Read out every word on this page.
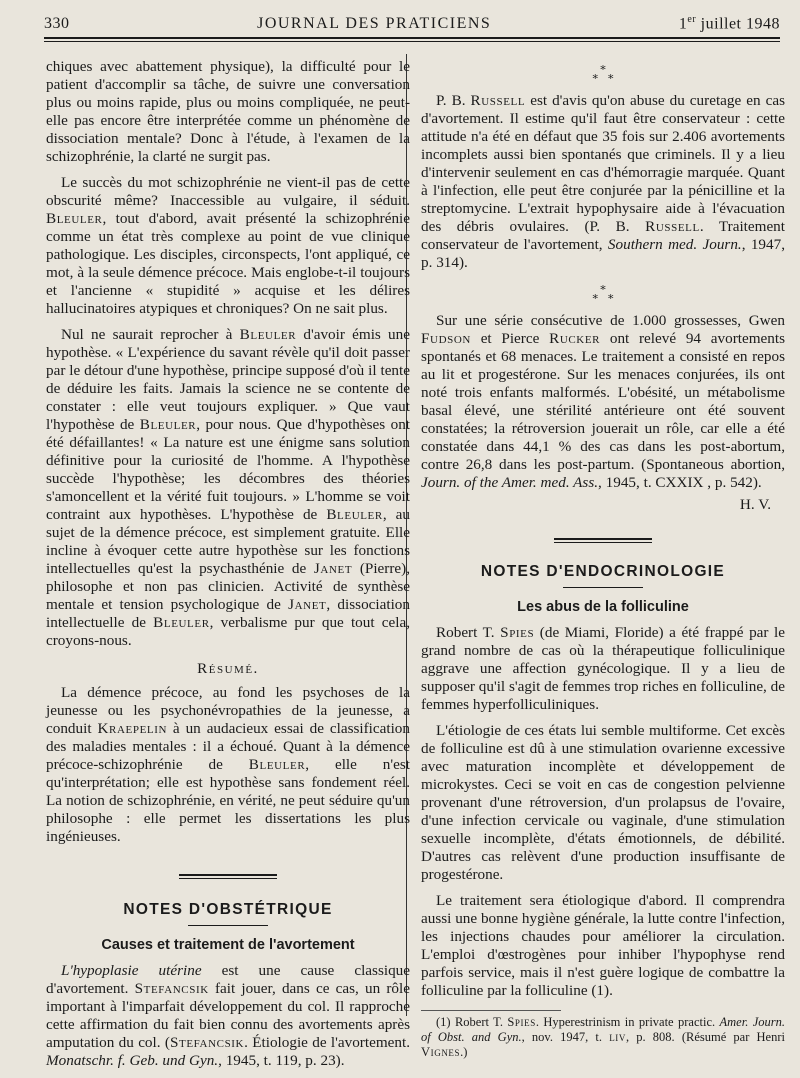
330	JOURNAL DES PRATICIENS	1er juillet 1948

chiques avec abattement physique), la difficulté pour le patient d'accomplir sa tâche, de suivre une conversation plus ou moins rapide, plus ou moins compliquée, ne peut-elle pas encore être interprétée comme un phénomène de dissociation mentale? Donc à l'étude, à l'examen de la schizophrénie, la clarté ne surgit pas.

Le succès du mot schizophrénie ne vient-il pas de cette obscurité même? Inaccessible au vulgaire, il séduit. Bleuler, tout d'abord, avait présenté la schizophrénie comme un état très complexe au point de vue clinique pathologique. Les disciples, circonspects, l'ont appliqué, ce mot, à la seule démence précoce. Mais englobe-t-il toujours et l'ancienne « stupidité » acquise et les délires hallucinatoires atypiques et chroniques? On ne sait plus.

Nul ne saurait reprocher à Bleuler d'avoir émis une hypothèse. « L'expérience du savant révèle qu'il doit passer par le détour d'une hypothèse, principe supposé d'où il tente de déduire les faits. Jamais la science ne se contente de constater : elle veut toujours expliquer. » Que vaut l'hypothèse de Bleuler, pour nous. Que d'hypothèses ont été défaillantes! « La nature est une énigme sans solution définitive pour la curiosité de l'homme. A l'hypothèse succède l'hypothèse; les décombres des théories s'amoncellent et la vérité fuit toujours. » L'homme se voit contraint aux hypothèses. L'hypothèse de Bleuler, au sujet de la démence précoce, est simplement gratuite. Elle incline à évoquer cette autre hypothèse sur les fonctions intellectuelles qu'est la psychasthénie de Janet (Pierre), philosophe et non pas clinicien. Activité de synthèse mentale et tension psychologique de Janet, dissociation intellectuelle de Bleuler, verbalisme pur que tout cela, croyons-nous.

Résumé.

La démence précoce, au fond les psychoses de la jeunesse ou les psychonévropathies de la jeunesse, a conduit Kraepelin à un audacieux essai de classification des maladies mentales : il a échoué. Quant à la démence précoce-schizophrénie de Bleuler, elle n'est qu'interprétation; elle est hypothèse sans fondement réel. La notion de schizophrénie, en vérité, ne peut séduire qu'un philosophe : elle permet les dissertations les plus ingénieuses.

NOTES D'OBSTÉTRIQUE
Causes et traitement de l'avortement

L'hypoplasie utérine est une cause classique d'avortement. Stefancsik fait jouer, dans ce cas, un rôle important à l'imparfait développement du col. Il rapproche cette affirmation du fait bien connu des avortements après amputation du col. (Stefancsik. Étiologie de l'avortement. Monatschr. f. Geb. und Gyn., 1945, t. 119, p. 23).

∗
∗∗

P. B. Russell est d'avis qu'on abuse du curetage en cas d'avortement. Il estime qu'il faut être conservateur : cette attitude n'a été en défaut que 35 fois sur 2.406 avortements incomplets aussi bien spontanés que criminels. Il y a lieu d'intervenir seulement en cas d'hémorragie marquée. Quant à l'infection, elle peut être conjurée par la pénicilline et la streptomycine. L'extrait hypophysaire aide à l'évacuation des débris ovulaires. (P. B. Russell. Traitement conservateur de l'avortement, Southern med. Journ., 1947, p. 314).

∗
∗∗

Sur une série consécutive de 1.000 grossesses, Gwen Fudson et Pierce Rucker ont relevé 94 avortements spontanés et 68 menaces. Le traitement a consisté en repos au lit et progestérone. Sur les menaces conjurées, ils ont noté trois enfants malformés. L'obésité, un métabolisme basal élevé, une stérilité antérieure ont été souvent constatées; la rétroversion jouerait un rôle, car elle a été constatée dans 44,1 % des cas dans les post-abortum, contre 26,8 dans les post-partum. (Spontaneous abortion, Journ. of the Amer. med. Ass., 1945, t. CXXIX , p. 542).

H. V.
NOTES D'ENDOCRINOLOGIE
Les abus de la folliculine

Robert T. Spies (de Miami, Floride) a été frappé par le grand nombre de cas où la thérapeutique folliculinique aggrave une affection gynécologique. Il y a lieu de supposer qu'il s'agit de femmes trop riches en folliculine, de femmes hyperfolliculiniques.

L'étiologie de ces états lui semble multiforme. Cet excès de folliculine est dû à une stimulation ovarienne excessive avec maturation incomplète et développement de microkystes. Ceci se voit en cas de congestion pelvienne provenant d'une rétroversion, d'un prolapsus de l'ovaire, d'une infection cervicale ou vaginale, d'une stimulation sexuelle incomplète, d'états émotionnels, de débilité. D'autres cas relèvent d'une production insuffisante de progestérone.

Le traitement sera étiologique d'abord. Il comprendra aussi une bonne hygiène générale, la lutte contre l'infection, les injections chaudes pour améliorer la circulation. L'emploi d'œstrogènes pour inhiber l'hypophyse rend parfois service, mais il n'est guère logique de combattre la folliculine par la folliculine (1).

(1) Robert T. Spies. Hyperestrinism in private practic. Amer. Journ. of Obst. and Gyn., nov. 1947, t. liv, p. 808. (Résumé par Henri Vignes.)
